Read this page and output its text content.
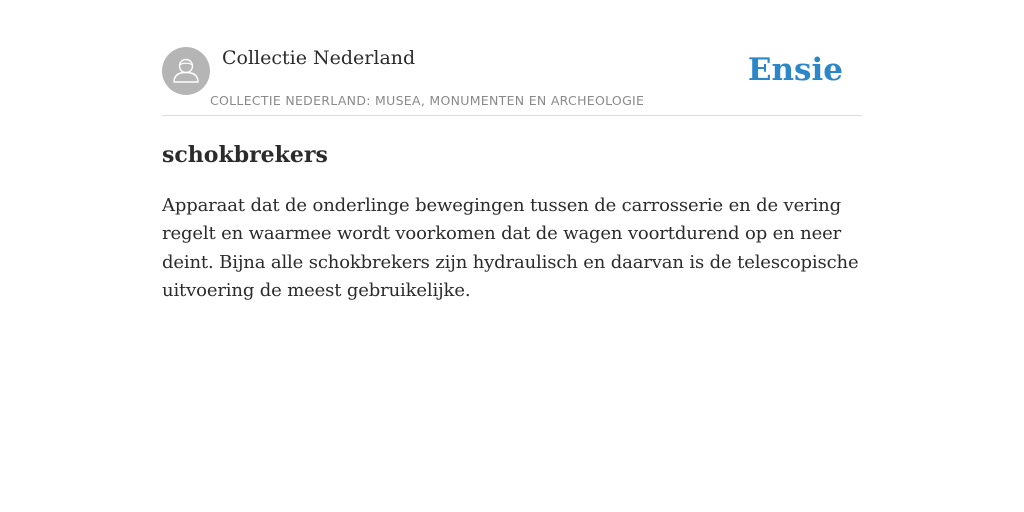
Collectie Nederland
COLLECTIE NEDERLAND: MUSEA, MONUMENTEN EN ARCHEOLOGIE
Ensie
schokbrekers

Apparaat dat de onderlinge bewegingen tussen de carrosserie en de vering regelt en waarmee wordt voorkomen dat de wagen voortdurend op en neer deint. Bijna alle schokbrekers zijn hydraulisch en daarvan is de telescopische uitvoering de meest gebruikelijke.
